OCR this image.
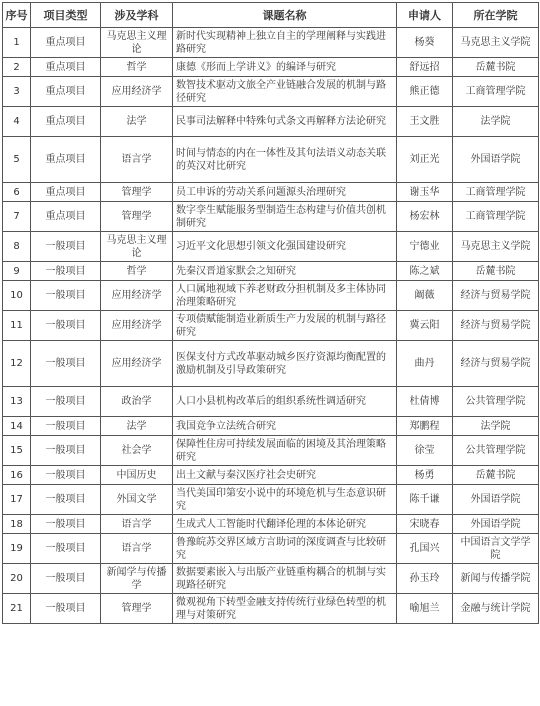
序号	项目类型	涉及学科	课题名称	申请人	所在学院
1	重点项目	马克思主义理论	新时代实现精神上独立自主的学理阐释与实践进路研究	杨葵	马克思主义学院
2	重点项目	哲学	康德《形而上学讲义》的编译与研究	舒远招	岳麓书院
3	重点项目	应用经济学	数智技术驱动文旅全产业链融合发展的机制与路径研究	熊正德	工商管理学院
4	重点项目	法学	民事司法解释中特殊句式条文再解释方法论研究	王文胜	法学院
5	重点项目	语言学	时间与情态的内在一体性及其句法语义动态关联的英汉对比研究	刘正光	外国语学院
6	重点项目	管理学	员工申诉的劳动关系问题源头治理研究	谢玉华	工商管理学院
7	重点项目	管理学	数字孪生赋能服务型制造生态构建与价值共创机制研究	杨宏林	工商管理学院
8	一般项目	马克思主义理论	习近平文化思想引领文化强国建设研究	宁德业	马克思主义学院
9	一般项目	哲学	先秦汉晋道家默会之知研究	陈之斌	岳麓书院
10	一般项目	应用经济学	人口属地视域下养老财政分担机制及多主体协同治理策略研究	阚薇	经济与贸易学院
11	一般项目	应用经济学	专项债赋能制造业新质生产力发展的机制与路径研究	冀云阳	经济与贸易学院
12	一般项目	应用经济学	医保支付方式改革驱动城乡医疗资源均衡配置的激励机制及引导政策研究	曲丹	经济与贸易学院
13	一般项目	政治学	人口小县机构改革后的组织系统性调适研究	杜倩博	公共管理学院
14	一般项目	法学	我国竞争立法统合研究	郑鹏程	法学院
15	一般项目	社会学	保障性住房可持续发展面临的困境及其治理策略研究	徐莹	公共管理学院
16	一般项目	中国历史	出土文献与秦汉医疗社会史研究	杨勇	岳麓书院
17	一般项目	外国文学	当代美国印第安小说中的环境危机与生态意识研究	陈千谦	外国语学院
18	一般项目	语言学	生成式人工智能时代翻译伦理的本体论研究	宋晓春	外国语学院
19	一般项目	语言学	鲁豫皖苏交界区域方言助词的深度调查与比较研究	孔国兴	中国语言文学学院
20	一般项目	新闻学与传播学	数据要素嵌入与出版产业链重构耦合的机制与实现路径研究	孙玉玲	新闻与传播学院
21	一般项目	管理学	微观视角下转型金融支持传统行业绿色转型的机理与对策研究	喻旭兰	金融与统计学院
